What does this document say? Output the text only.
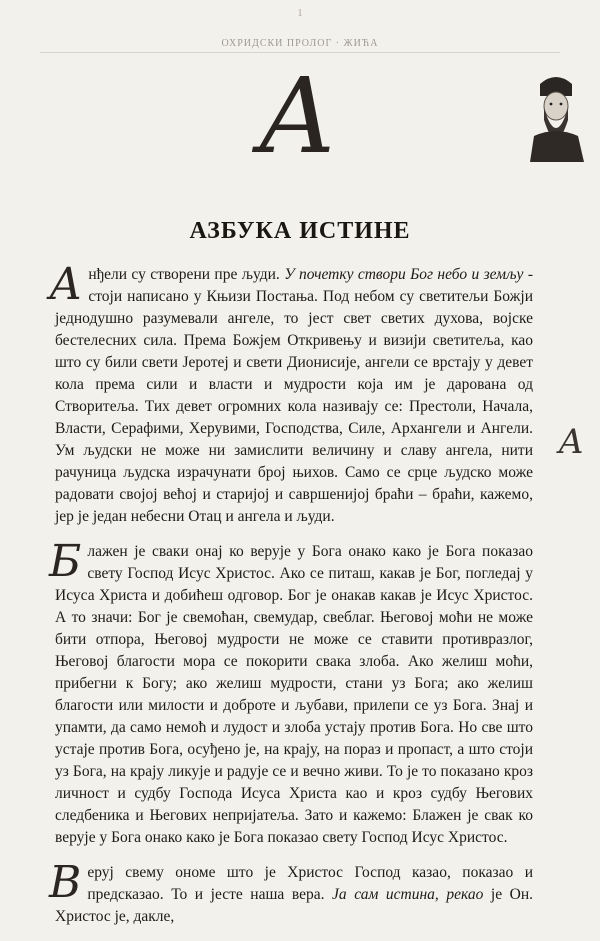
1
ОХРИДСКИ ПРОЛОГ · ЖИЋА
А
АЗБУКА ИСТИНЕ
А

Анђели су створени пре људи. У почетку створи Бог небо и земљу - стоји написано у Књизи Постања. Под небом су светитељи Божји једнодушно разумевали ангеле, то јест свет светих духова, војске бестелесних сила. Према Божјем Откривењу и визији светитеља, као што су били свети Јеротеј и свети Дионисије, ангели се врстају у девет кола према сили и власти и мудрости која им је дарована од Створитеља. Тих девет огромних кола називају се: Престоли, Начала, Власти, Серафими, Херувими, Господства, Силе, Архангели и Ангели. Ум људски не може ни замислити величину и славу ангела, нити рачуница људска израчунати број њихов. Само се срце људско може радовати својој већој и старијој и савршенијој браћи – браћи, кажемо, јер је један небесни Отац и ангела и људи.

Блажен је сваки онај ко верује у Бога онако како је Бога показао свету Господ Исус Христос. Ако се питаш, какав је Бог, погледај у Исуса Христа и добићеш одговор. Бог је онакав какав је Исус Христос. А то значи: Бог је свемоћан, свемудар, свеблаг. Његовој моћи не може бити отпора, Његовој мудрости не може се ставити противразлог, Његовој благости мора се покорити свака злоба. Ако желиш моћи, прибегни к Богу; ако желиш мудрости, стани уз Бога; ако желиш благости или милости и доброте и љубави, прилепи се уз Бога. Знај и упамти, да само немоћ и лудост и злоба устају против Бога. Но све што устаје против Бога, осуђено је, на крају, на пораз и пропаст, а што стоји уз Бога, на крају ликује и радује се и вечно живи. То је то показано кроз личност и судбу Господа Исуса Христа као и кроз судбу Његових следбеника и Његових непријатеља. Зато и кажемо: Блажен је свак ко верује у Бога онако како је Бога показао свету Господ Исус Христос.

Веруј свему ономе што је Христос Господ казао, показао и предсказао. То и јесте наша вера. Ја сам истина, рекао је Он. Христос је, дакле,
